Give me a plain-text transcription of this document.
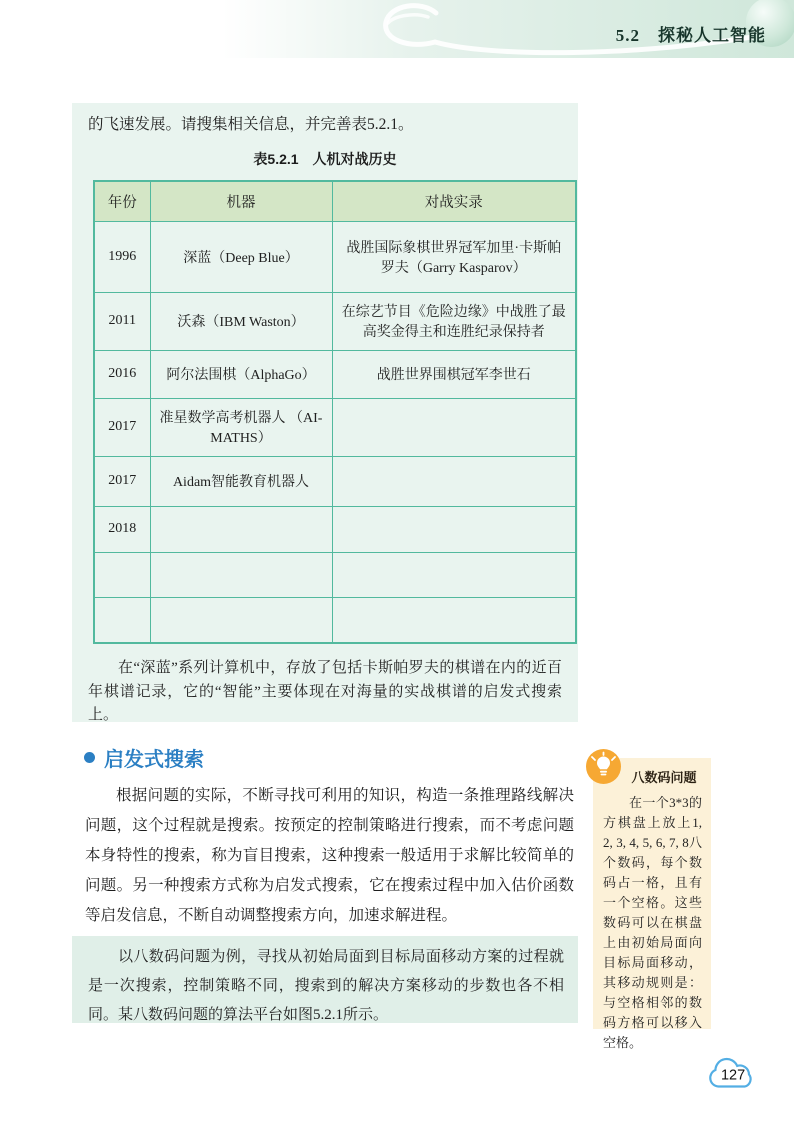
5.2　探秘人工智能
的飞速发展。请搜集相关信息，并完善表5.2.1。
表5.2.1　人机对战历史
年份	机器	对战实录
1996	深蓝（Deep Blue）	战胜国际象棋世界冠军加里·卡斯帕罗夫（Garry Kasparov）
2011	沃森（IBM Waston）	在综艺节目《危险边缘》中战胜了最高奖金得主和连胜纪录保持者
2016	阿尔法围棋（AlphaGo）	战胜世界围棋冠军李世石
2017	准星数学高考机器人 （AI-MATHS）	
2017	Aidam智能教育机器人	
2018		

在“深蓝”系列计算机中，存放了包括卡斯帕罗夫的棋谱在内的近百年棋谱记录，它的“智能”主要体现在对海量的实战棋谱的启发式搜索上。

启发式搜索

根据问题的实际，不断寻找可利用的知识，构造一条推理路线解决问题，这个过程就是搜索。按预定的控制策略进行搜索，而不考虑问题本身特性的搜索，称为盲目搜索，这种搜索一般适用于求解比较简单的问题。另一种搜索方式称为启发式搜索，它在搜索过程中加入估价函数等启发信息，不断自动调整搜索方向，加速求解进程。

以八数码问题为例，寻找从初始局面到目标局面移动方案的过程就是一次搜索，控制策略不同，搜索到的解决方案移动的步数也各不相同。某八数码问题的算法平台如图5.2.1所示。

八数码问题
在一个3*3的方棋盘上放上1, 2, 3, 4, 5, 6, 7, 8八个数码，每个数码占一格，且有一个空格。这些数码可以在棋盘上由初始局面向目标局面移动，其移动规则是：与空格相邻的数码方格可以移入空格。
127
